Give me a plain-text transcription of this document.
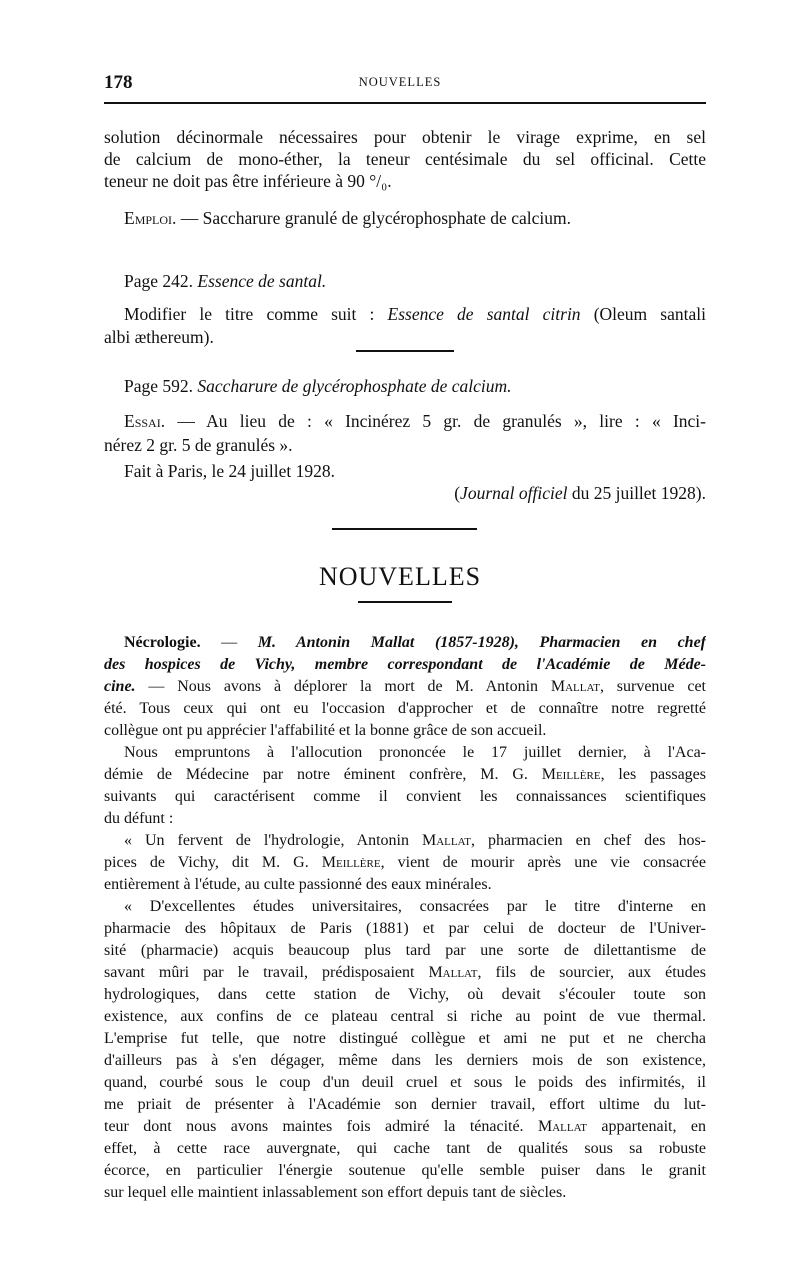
178	NOUVELLES
solution décinormale nécessaires pour obtenir le virage exprime, en sel
de calcium de mono-éther, la teneur centésimale du sel officinal. Cette
teneur ne doit pas être inférieure à 90 °/₀.
Emploi. — Saccharure granulé de glycérophosphate de calcium.
Page 242. Essence de santal.
Modifier le titre comme suit : Essence de santal citrin (Oleum santali
albi æthereum).
Page 592. Saccharure de glycérophosphate de calcium.
Essai. — Au lieu de : « Incinérez 5 gr. de granulés », lire : « Inci-
nérez 2 gr. 5 de granulés ».
Fait à Paris, le 24 juillet 1928.
(Journal officiel du 25 juillet 1928).
NOUVELLES
Nécrologie. — M. Antonin Mallat (1857-1928), Pharmacien en chef
des hospices de Vichy, membre correspondant de l'Académie de Méde-
cine. — Nous avons à déplorer la mort de M. Antonin Mallat, survenue cet
été. Tous ceux qui ont eu l'occasion d'approcher et de connaître notre regretté
collègue ont pu apprécier l'affabilité et la bonne grâce de son accueil.
Nous empruntons à l'allocution prononcée le 17 juillet dernier, à l'Aca-
démie de Médecine par notre éminent confrère, M. G. Meillère, les passages
suivants qui caractérisent comme il convient les connaissances scientifiques
du défunt :
« Un fervent de l'hydrologie, Antonin Mallat, pharmacien en chef des hos-
pices de Vichy, dit M. G. Meillère, vient de mourir après une vie consacrée
entièrement à l'étude, au culte passionné des eaux minérales.
« D'excellentes études universitaires, consacrées par le titre d'interne en
pharmacie des hôpitaux de Paris (1881) et par celui de docteur de l'Univer-
sité (pharmacie) acquis beaucoup plus tard par une sorte de dilettantisme de
savant mûri par le travail, prédisposaient Mallat, fils de sourcier, aux études
hydrologiques, dans cette station de Vichy, où devait s'écouler toute son
existence, aux confins de ce plateau central si riche au point de vue thermal.
L'emprise fut telle, que notre distingué collègue et ami ne put et ne chercha
d'ailleurs pas à s'en dégager, même dans les derniers mois de son existence,
quand, courbé sous le coup d'un deuil cruel et sous le poids des infirmités, il
me priait de présenter à l'Académie son dernier travail, effort ultime du lut-
teur dont nous avons maintes fois admiré la ténacité. Mallat appartenait, en
effet, à cette race auvergnate, qui cache tant de qualités sous sa robuste
écorce, en particulier l'énergie soutenue qu'elle semble puiser dans le granit
sur lequel elle maintient inlassablement son effort depuis tant de siècles.
